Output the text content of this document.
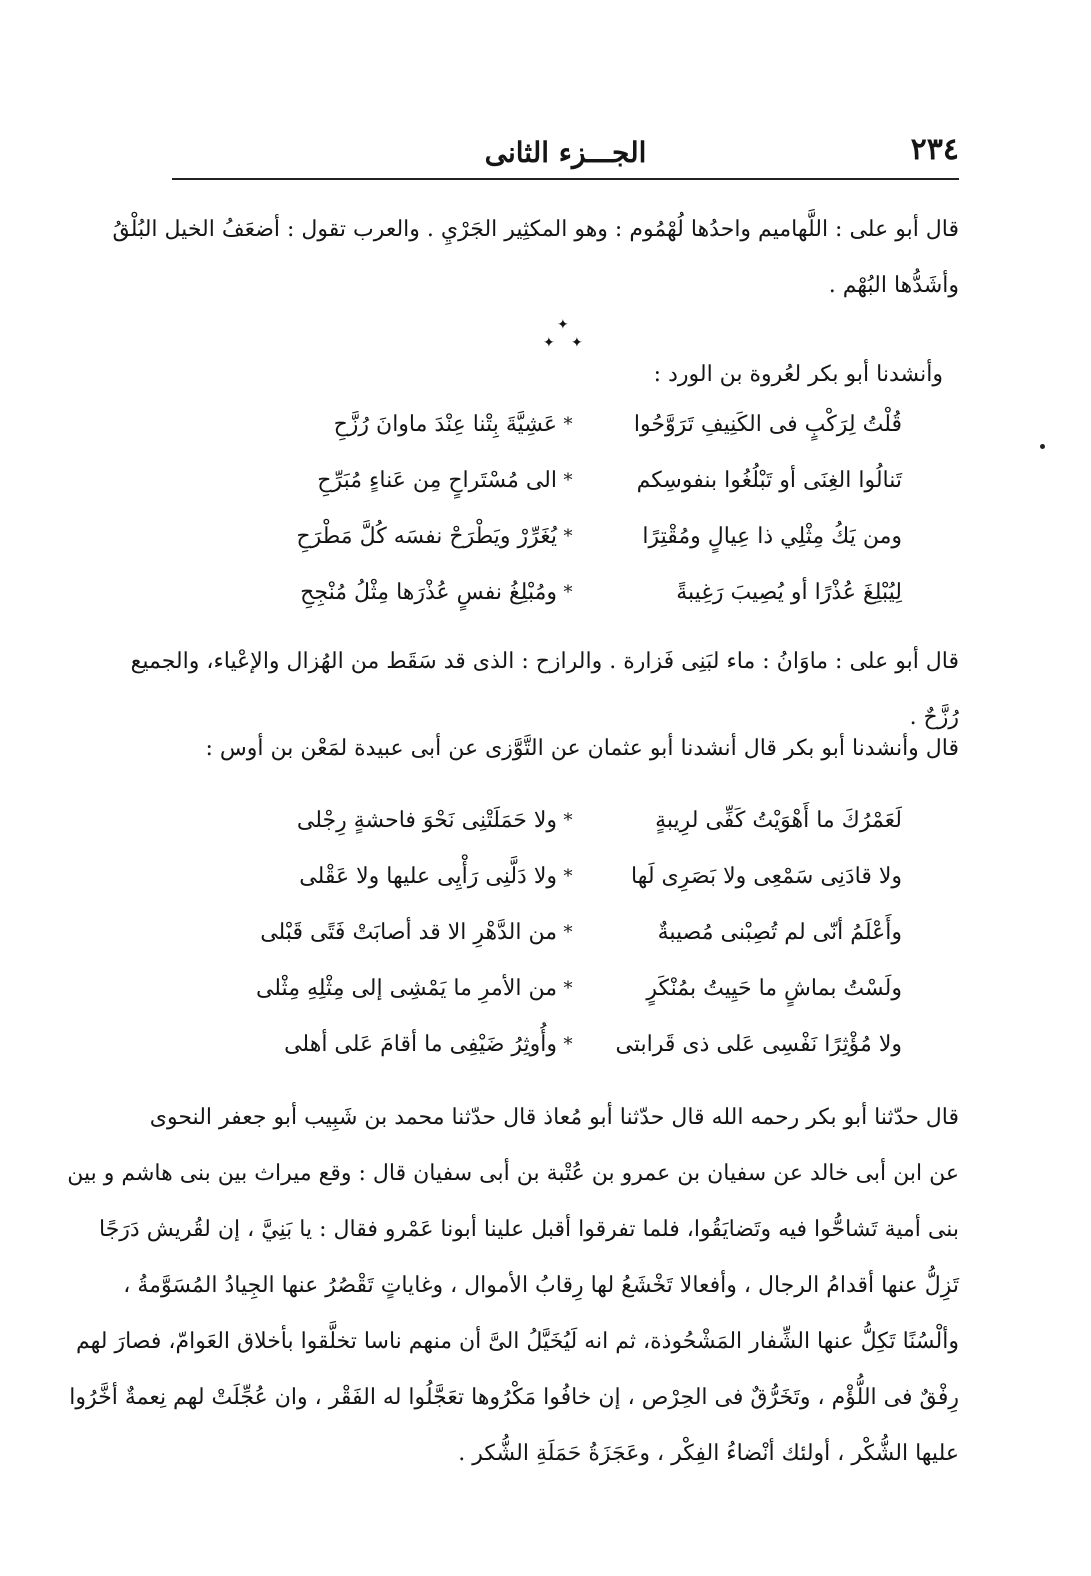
٢٣٤
الجـــزء الثانى
قال أبو على : اللَّهاميم واحدُها لُهْمُوم : وهو المكثِير الجَرْيِ . والعرب تقول : أضعَفُ الخيل البُلْقُ
وأشَدُّها البُهْم .
✦
✦ ✦

وأنشدنا أبو بكر لعُروة بن الورد :

قُلْتُ لِرَكْبٍ فى الكَنِيفِ تَرَوَّحُوا
*
عَشِيَّةَ بِتْنا عِنْدَ ماوانَ رُزَّحِ
تَنالُوا الغِنَى أو تَبْلُغُوا بنفوسِكم
*
الى مُسْتَراحٍ مِن عَناءٍ مُبَرِّحِ
ومن يَكُ مِثْلِي ذا عِيالٍ ومُقْتِرًا
*
يُغَرِّرْ ويَطْرَحْ نفسَه كُلَّ مَطْرَحِ
لِيُبْلِغَ عُذْرًا أو يُصِيبَ رَغِيبةً
*
ومُبْلِغُ نفسٍ عُذْرَها مِثْلُ مُنْجِحِ
قال أبو على : ماوَانُ : ماء لبَنِى فَزارة . والرازح : الذى قد سَقَط من الهُزال والإعْياء، والجميع
رُزَّحٌ .

قال وأنشدنا أبو بكر قال أنشدنا أبو عثمان عن التَّوَّزى عن أبى عبيدة لمَعْن بن أوس :

لَعَمْرُكَ ما أَهْوَيْتُ كَفِّى لرِيبةٍ
*
ولا حَمَلَتْنِى نَحْوَ فاحشةٍ رِجْلى
ولا قادَنِى سَمْعِى ولا بَصَرِى لَها
*
ولا دَلَّنِى رَأْيِى عليها ولا عَقْلى
وأَعْلَمُ أنّى لم تُصِبْنى مُصيبةٌ
*
من الدَّهْرِ الا قد أصابَتْ فَتًى قَبْلى
ولَسْتُ بماشٍ ما حَيِيتُ بمُنْكَرٍ
*
من الأمرِ ما يَمْشِى إلى مِثْلِهِ مِثْلى
ولا مُؤْثِرًا نَفْسِى عَلى ذى قَرابتى
*
وأُوثِرُ ضَيْفِى ما أقامَ عَلى أهلى
قال حدّثنا أبو بكر رحمه الله قال حدّثنا أبو مُعاذ قال حدّثنا محمد بن شَبِيب أبو جعفر النحوى
عن ابن أبى خالد عن سفيان بن عمرو بن عُتْبة بن أبى سفيان قال : وقع ميراث بين بنى هاشم و بين
بنى أمية تَشاحُّوا فيه وتَضايَقُوا، فلما تفرقوا أقبل علينا أبونا عَمْرو فقال : يا بَنِيَّ ، إن لقُريش دَرَجًا
تَزِلُّ عنها أقدامُ الرجال ، وأفعالا تَخْشَعُ لها رِقابُ الأموال ، وغاياتٍ تَقْصُرُ عنها الجِيادُ المُسَوَّمةُ ،
وألْسُنًا تَكِلُّ عنها الشِّفار المَشْحُوذة، ثم انه لَيُخَيَّلُ الىَّ أن منهم ناسا تخلَّقوا بأخلاق العَوامّ، فصارَ لهم
رِفْقٌ فى اللُّؤْم ، وتَخَرُّقٌ فى الحِرْص ، إن خافُوا مَكْرُوها تعَجَّلُوا له الفَقْر ، وان عُجِّلَتْ لهم نِعمةٌ أخَّرُوا
عليها الشُّكْر ، أولئك أنْضاءُ الفِكْر ، وعَجَزَةُ حَمَلَةِ الشُّكر .
